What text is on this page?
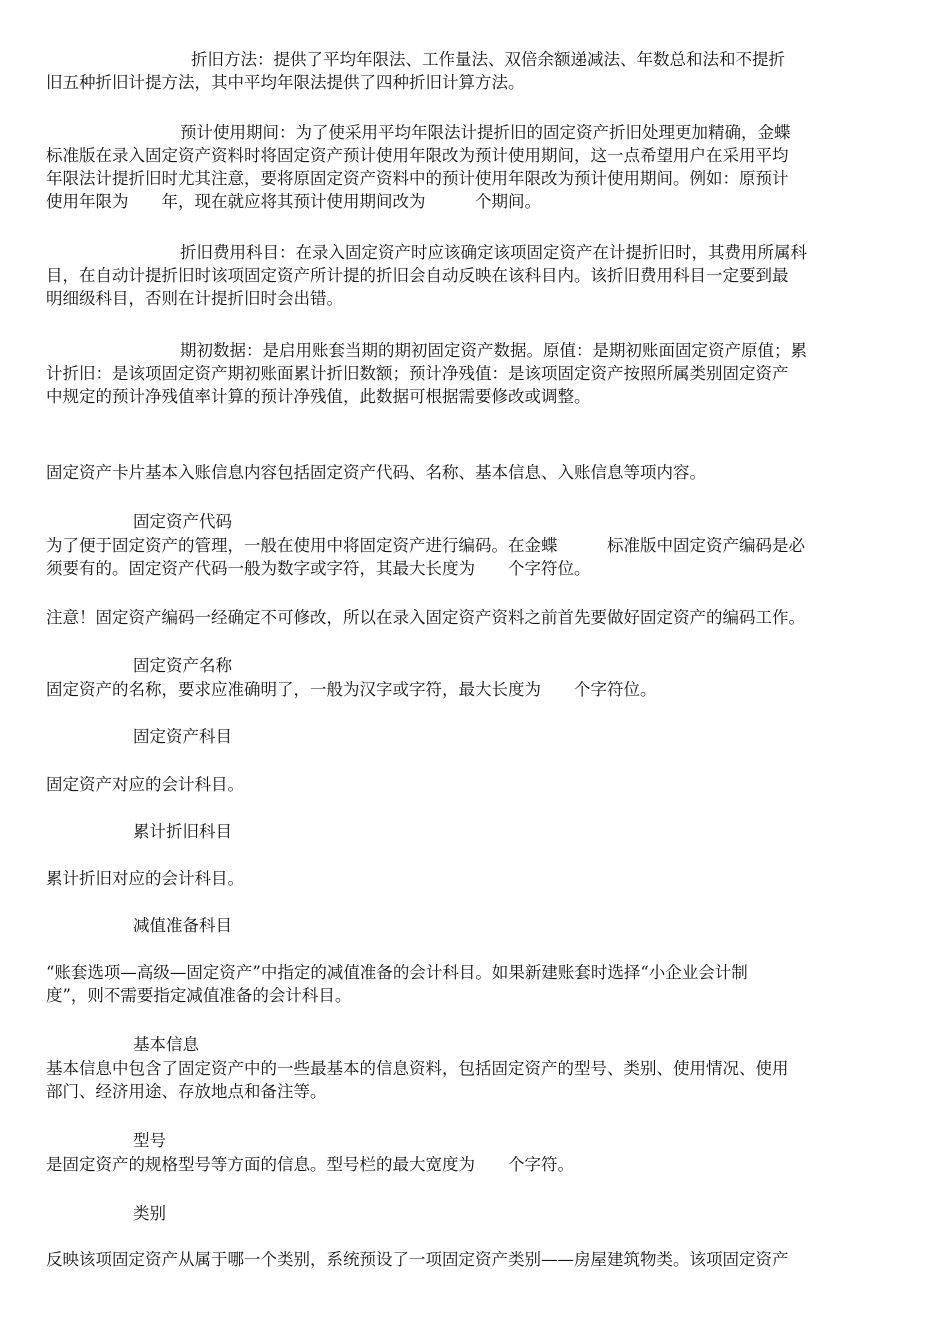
折旧方法：提供了平均年限法、工作量法、双倍余额递减法、年数总和法和不提折
旧五种折旧计提方法，其中平均年限法提供了四种折旧计算方法。
预计使用期间：为了使采用平均年限法计提折旧的固定资产折旧处理更加精确，金蝶
标准版在录入固定资产资料时将固定资产预计使用年限改为预计使用期间，这一点希望用户在采用平均
年限法计提折旧时尤其注意，要将原固定资产资料中的预计使用年限改为预计使用期间。例如：原预计
使用年限为　　年，现在就应将其预计使用期间改为　　　个期间。
折旧费用科目：在录入固定资产时应该确定该项固定资产在计提折旧时，其费用所属科
目，在自动计提折旧时该项固定资产所计提的折旧会自动反映在该科目内。该折旧费用科目一定要到最
明细级科目，否则在计提折旧时会出错。
期初数据：是启用账套当期的期初固定资产数据。原值：是期初账面固定资产原值；累
计折旧：是该项固定资产期初账面累计折旧数额；预计净残值：是该项固定资产按照所属类别固定资产
中规定的预计净残值率计算的预计净残值，此数据可根据需要修改或调整。

固定资产卡片基本入账信息内容包括固定资产代码、名称、基本信息、入账信息等项内容。

固定资产代码

为了便于固定资产的管理，一般在使用中将固定资产进行编码。在金蝶　　　标准版中固定资产编码是必
须要有的。固定资产代码一般为数字或字符，其最大长度为　　个字符位。

注意！固定资产编码一经确定不可修改，所以在录入固定资产资料之前首先要做好固定资产的编码工作。

固定资产名称

固定资产的名称，要求应准确明了，一般为汉字或字符，最大长度为　　个字符位。

固定资产科目

固定资产对应的会计科目。

累计折旧科目

累计折旧对应的会计科目。

减值准备科目

“账套选项—高级—固定资产”中指定的减值准备的会计科目。如果新建账套时选择“小企业会计制
度”，则不需要指定减值准备的会计科目。

基本信息

基本信息中包含了固定资产中的一些最基本的信息资料，包括固定资产的型号、类别、使用情况、使用
部门、经济用途、存放地点和备注等。

型号

是固定资产的规格型号等方面的信息。型号栏的最大宽度为　　个字符。

类别

反映该项固定资产从属于哪一个类别，系统预设了一项固定资产类别——房屋建筑物类。该项固定资产
